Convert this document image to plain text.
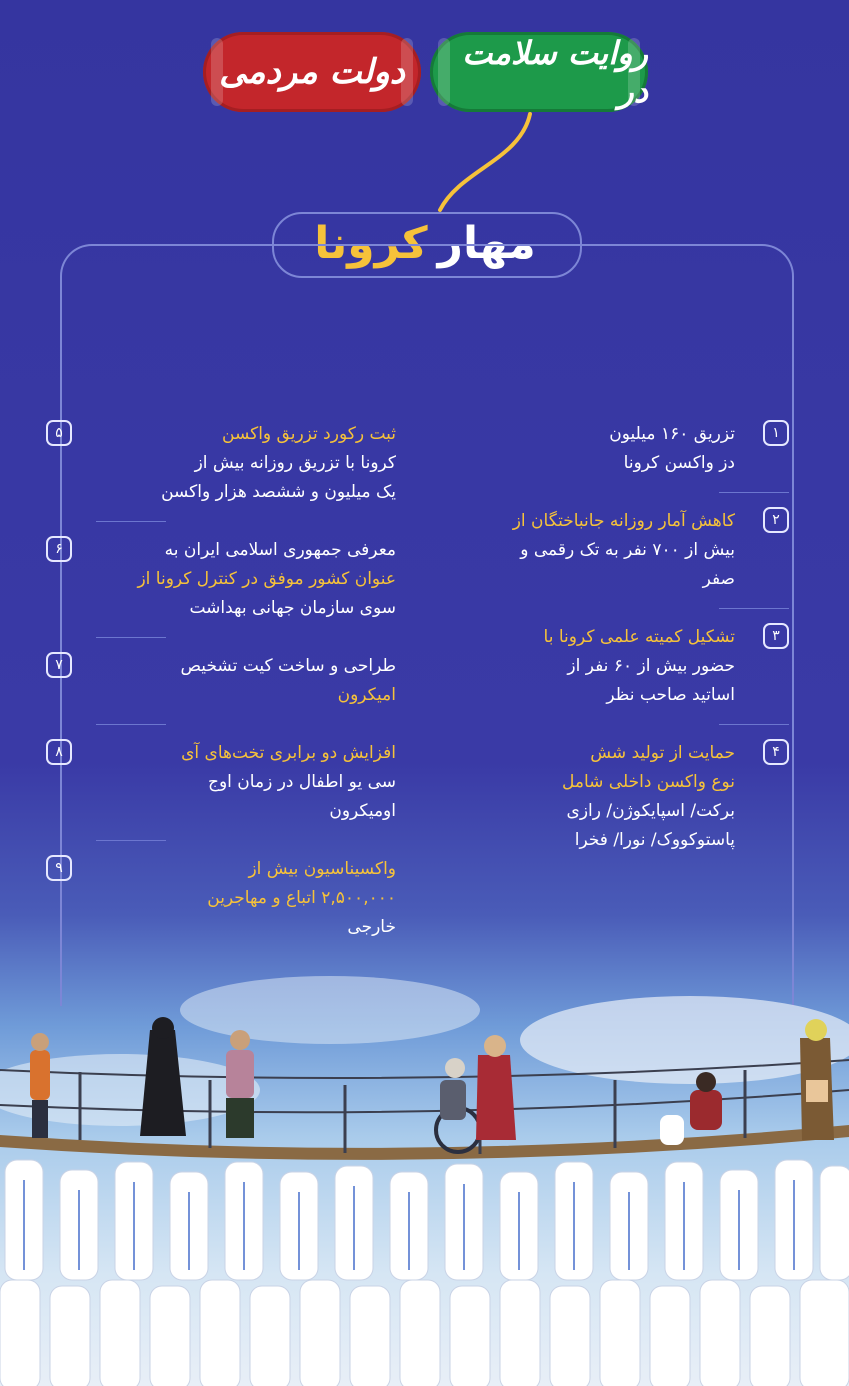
دولت مردمی	روایت سلامت در
مهار
کرونا
۱
تزریق ۱۶۰ میلیون
دز واکسن کرونا
۲
کاهش آمار روزانه جانباختگان از
بیش از ۷۰۰ نفر به تک رقمی و صفر
۳
تشکیل کمیته علمی کرونا با
حضور بیش از ۶۰ نفر از
اساتید صاحب نظر
۴
حمایت از تولید شش
نوع واکسن داخلی شامل
برکت/ اسپایکوژن/ رازی
پاستوکووک/ نورا/ فخرا
۵	ثبت رکورد تزریق واکسن
کرونا با تزریق روزانه بیش از
یک میلیون و ششصد هزار واکسن
۶	معرفی جمهوری اسلامی ایران به
عنوان کشور موفق در کنترل کرونا از
سوی سازمان جهانی بهداشت
۷	طراحی و ساخت کیت تشخیص
امیکرون
۸	افزایش دو برابری تخت‌های آی
سی یو اطفال در زمان اوج
اومیکرون
۹	واکسیناسیون بیش از
۲,۵۰۰,۰۰۰ اتباع و مهاجرین
خارجی
